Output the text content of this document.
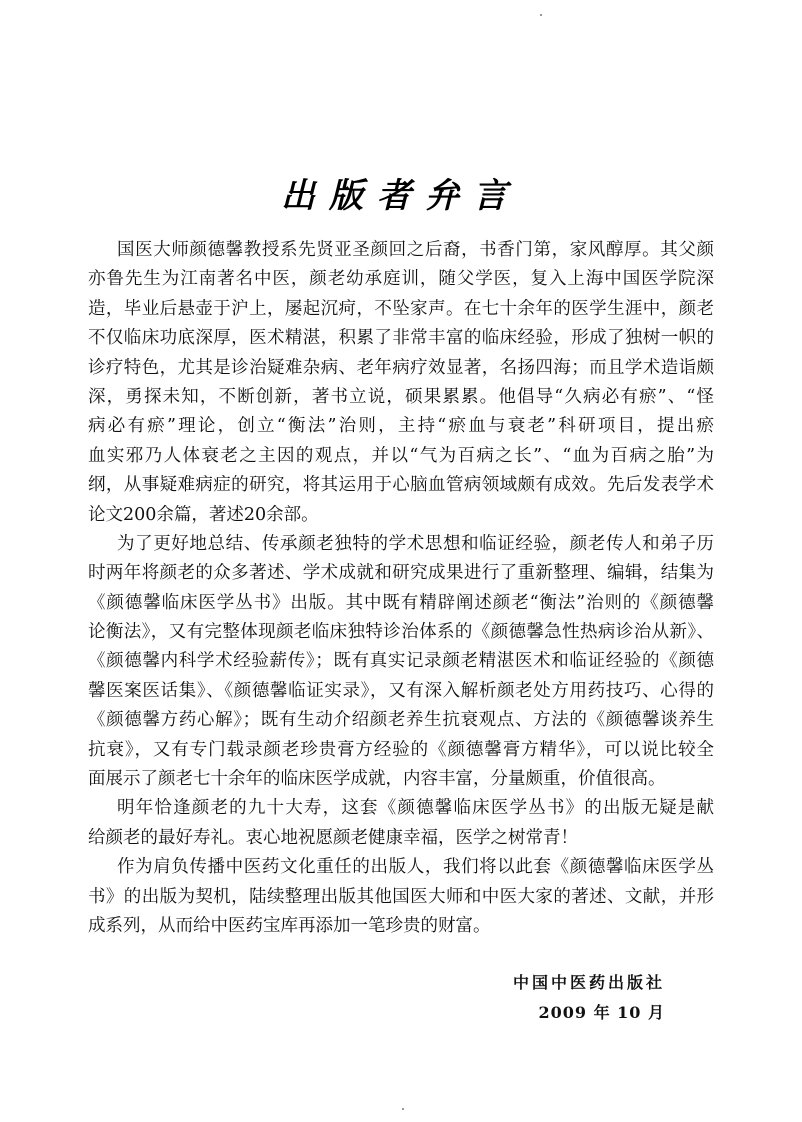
出版者弁言
国医大师颜德馨教授系先贤亚圣颜回之后裔，书香门第，家风醇厚。其父颜
亦鲁先生为江南著名中医，颜老幼承庭训，随父学医，复入上海中国医学院深
造，毕业后悬壶于沪上，屡起沉疴，不坠家声。在七十余年的医学生涯中，颜老
不仅临床功底深厚，医术精湛，积累了非常丰富的临床经验，形成了独树一帜的
诊疗特色，尤其是诊治疑难杂病、老年病疗效显著，名扬四海；而且学术造诣颇
深，勇探未知，不断创新，著书立说，硕果累累。他倡导“久病必有瘀”、“怪
病必有瘀”理论，创立“衡法”治则，主持“瘀血与衰老”科研项目，提出瘀
血实邪乃人体衰老之主因的观点，并以“气为百病之长”、“血为百病之胎”为
纲，从事疑难病症的研究，将其运用于心脑血管病领域颇有成效。先后发表学术
论文200余篇，著述20余部。
为了更好地总结、传承颜老独特的学术思想和临证经验，颜老传人和弟子历
时两年将颜老的众多著述、学术成就和研究成果进行了重新整理、编辑，结集为
《颜德馨临床医学丛书》出版。其中既有精辟阐述颜老“衡法”治则的《颜德馨
论衡法》，又有完整体现颜老临床独特诊治体系的《颜德馨急性热病诊治从新》、
《颜德馨内科学术经验薪传》；既有真实记录颜老精湛医术和临证经验的《颜德
馨医案医话集》、《颜德馨临证实录》，又有深入解析颜老处方用药技巧、心得的
《颜德馨方药心解》；既有生动介绍颜老养生抗衰观点、方法的《颜德馨谈养生
抗衰》，又有专门载录颜老珍贵膏方经验的《颜德馨膏方精华》，可以说比较全
面展示了颜老七十余年的临床医学成就，内容丰富，分量颇重，价值很高。
明年恰逢颜老的九十大寿，这套《颜德馨临床医学丛书》的出版无疑是献
给颜老的最好寿礼。衷心地祝愿颜老健康幸福，医学之树常青！
作为肩负传播中医药文化重任的出版人，我们将以此套《颜德馨临床医学丛
书》的出版为契机，陆续整理出版其他国医大师和中医大家的著述、文献，并形
成系列，从而给中医药宝库再添加一笔珍贵的财富。
中国中医药出版社
2009 年 10 月
